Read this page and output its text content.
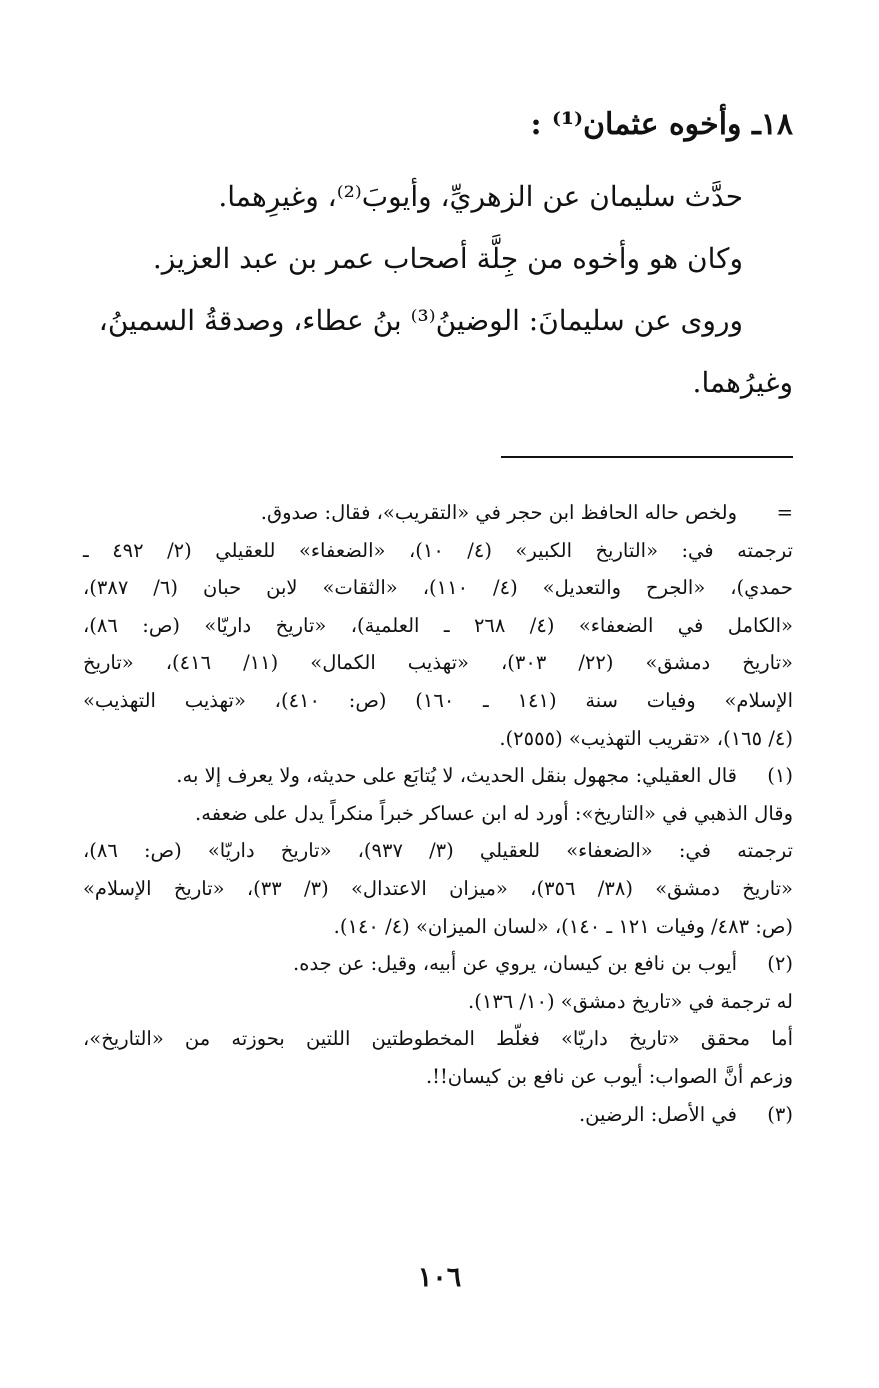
١٨ـ وأخوه عثمان⁽¹⁾ :

حدَّث سليمان عن الزهريِّ، وأيوبَ⁽²⁾، وغيرِهما.

وكان هو وأخوه من جِلَّة أصحاب عمر بن عبد العزيز.

وروى عن سليمانَ: الوضينُ⁽³⁾ بنُ عطاء، وصدقةُ السمينُ،

وغيرُهما.

=
ولخص حاله الحافظ ابن حجر في «التقريب»، فقال: صدوق.
ترجمته في: «التاريخ الكبير» (٤/ ١٠)، «الضعفاء» للعقيلي (٢/ ٤٩٢ ـ
حمدي)، «الجرح والتعديل» (٤/ ١١٠)، «الثقات» لابن حبان (٦/ ٣٨٧)،
«الكامل في الضعفاء» (٤/ ٢٦٨ ـ العلمية)، «تاريخ داريّا» (ص: ٨٦)،
«تاريخ دمشق» (٢٢/ ٣٠٣)، «تهذيب الكمال» (١١/ ٤١٦)، «تاريخ
الإسلام» وفيات سنة (١٤١ ـ ١٦٠) (ص: ٤١٠)، «تهذيب التهذيب»
(٤/ ١٦٥)، «تقريب التهذيب» (٢٥٥٥).
(١)
قال العقيلي: مجهول بنقل الحديث، لا يُتابَع على حديثه، ولا يعرف إلا به.
وقال الذهبي في «التاريخ»: أورد له ابن عساكر خبراً منكراً يدل على ضعفه.
ترجمته في: «الضعفاء» للعقيلي (٣/ ٩٣٧)، «تاريخ داريّا» (ص: ٨٦)،
«تاريخ دمشق» (٣٨/ ٣٥٦)، «ميزان الاعتدال» (٣/ ٣٣)، «تاريخ الإسلام»
(ص: ٤٨٣/ وفيات ١٢١ ـ ١٤٠)، «لسان الميزان» (٤/ ١٤٠).
(٢)
أيوب بن نافع بن كيسان، يروي عن أبيه، وقيل: عن جده.
له ترجمة في «تاريخ دمشق» (١٠/ ١٣٦).
أما محقق «تاريخ داريّا» فغلّط المخطوطتين اللتين بحوزته من «التاريخ»،
وزعم أنَّ الصواب: أيوب عن نافع بن كيسان!!.
(٣)
في الأصل: الرضين.
١٠٦
